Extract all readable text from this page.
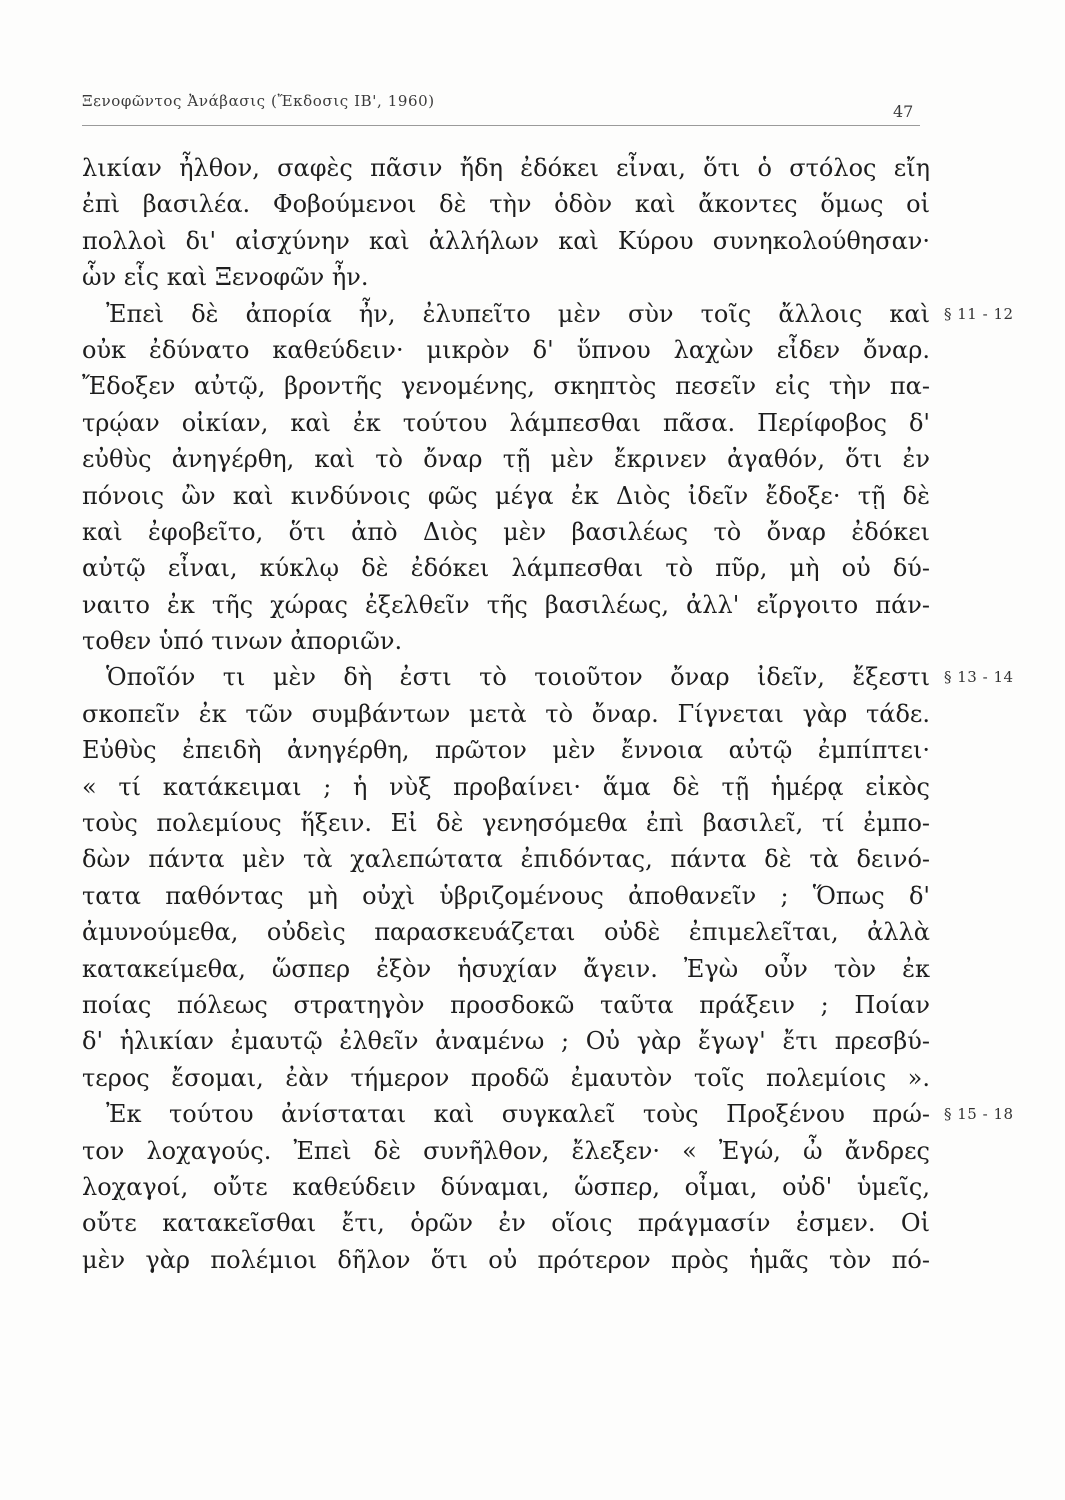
Ξενοφῶντος Ἀνάβασις (Ἔκδοσις ΙΒ', 1960)
47
λικίαν ἦλθον, σαφὲς πᾶσιν ἤδη ἐδόκει εἶναι, ὅτι ὁ στόλος εἴη
ἐπὶ βασιλέα. Φοβούμενοι δὲ τὴν ὁδὸν καὶ ἄκοντες ὅμως οἱ
πολλοὶ δι' αἰσχύνην καὶ ἀλλήλων καὶ Κύρου συνηκολούθησαν·
ὧν εἷς καὶ Ξενοφῶν ἦν.
Ἐπεὶ δὲ ἀπορία ἦν, ἐλυπεῖτο μὲν σὺν τοῖς ἄλλοις καὶ § 11 - 12
οὐκ ἐδύνατο καθεύδειν· μικρὸν δ' ὕπνου λαχὼν εἶδεν ὄναρ.
Ἔδοξεν αὐτῷ, βροντῆς γενομένης, σκηπτὸς πεσεῖν εἰς τὴν πα-
τρῴαν οἰκίαν, καὶ ἐκ τούτου λάμπεσθαι πᾶσα. Περίφοβος δ'
εὐθὺς ἀνηγέρθη, καὶ τὸ ὄναρ τῇ μὲν ἔκρινεν ἀγαθόν, ὅτι ἐν
πόνοις ὢν καὶ κινδύνοις φῶς μέγα ἐκ Διὸς ἰδεῖν ἔδοξε· τῇ δὲ
καὶ ἐφοβεῖτο, ὅτι ἀπὸ Διὸς μὲν βασιλέως τὸ ὄναρ ἐδόκει
αὐτῷ εἶναι, κύκλῳ δὲ ἐδόκει λάμπεσθαι τὸ πῦρ, μὴ οὐ δύ-
ναιτο ἐκ τῆς χώρας ἐξελθεῖν τῆς βασιλέως, ἀλλ' εἴργοιτο πάν-
τοθεν ὑπό τινων ἀποριῶν.
Ὁποῖόν τι μὲν δὴ ἐστι τὸ τοιοῦτον ὄναρ ἰδεῖν, ἔξεστι § 13 - 14
σκοπεῖν ἐκ τῶν συμβάντων μετὰ τὸ ὄναρ. Γίγνεται γὰρ τάδε.
Εὐθὺς ἐπειδὴ ἀνηγέρθη, πρῶτον μὲν ἔννοια αὐτῷ ἐμπίπτει·
« τί κατάκειμαι ; ἡ νὺξ προβαίνει· ἅμα δὲ τῇ ἡμέρᾳ εἰκὸς
τοὺς πολεμίους ἥξειν. Εἰ δὲ γενησόμεθα ἐπὶ βασιλεῖ, τί ἐμπο-
δὼν πάντα μὲν τὰ χαλεπώτατα ἐπιδόντας, πάντα δὲ τὰ δεινό-
τατα παθόντας μὴ οὐχὶ ὑβριζομένους ἀποθανεῖν ; Ὅπως δ'
ἀμυνούμεθα, οὐδεὶς παρασκευάζεται οὐδὲ ἐπιμελεῖται, ἀλλὰ
κατακείμεθα, ὥσπερ ἐξὸν ἡσυχίαν ἄγειν. Ἐγὼ οὖν τὸν ἐκ
ποίας πόλεως στρατηγὸν προσδοκῶ ταῦτα πράξειν ; Ποίαν
δ' ἡλικίαν ἐμαυτῷ ἐλθεῖν ἀναμένω ; Οὐ γὰρ ἔγωγ' ἔτι πρεσβύ-
τερος ἔσομαι, ἐὰν τήμερον προδῶ ἐμαυτὸν τοῖς πολεμίοις ».
Ἐκ τούτου ἀνίσταται καὶ συγκαλεῖ τοὺς Προξένου πρώ- § 15 - 18
τον λοχαγούς. Ἐπεὶ δὲ συνῆλθον, ἔλεξεν· « Ἐγώ, ὦ ἄνδρες
λοχαγοί, οὔτε καθεύδειν δύναμαι, ὥσπερ, οἶμαι, οὐδ' ὑμεῖς,
οὔτε κατακεῖσθαι ἔτι, ὁρῶν ἐν οἵοις πράγμασίν ἐσμεν. Οἱ
μὲν γὰρ πολέμιοι δῆλον ὅτι οὐ πρότερον πρὸς ἡμᾶς τὸν πό-
